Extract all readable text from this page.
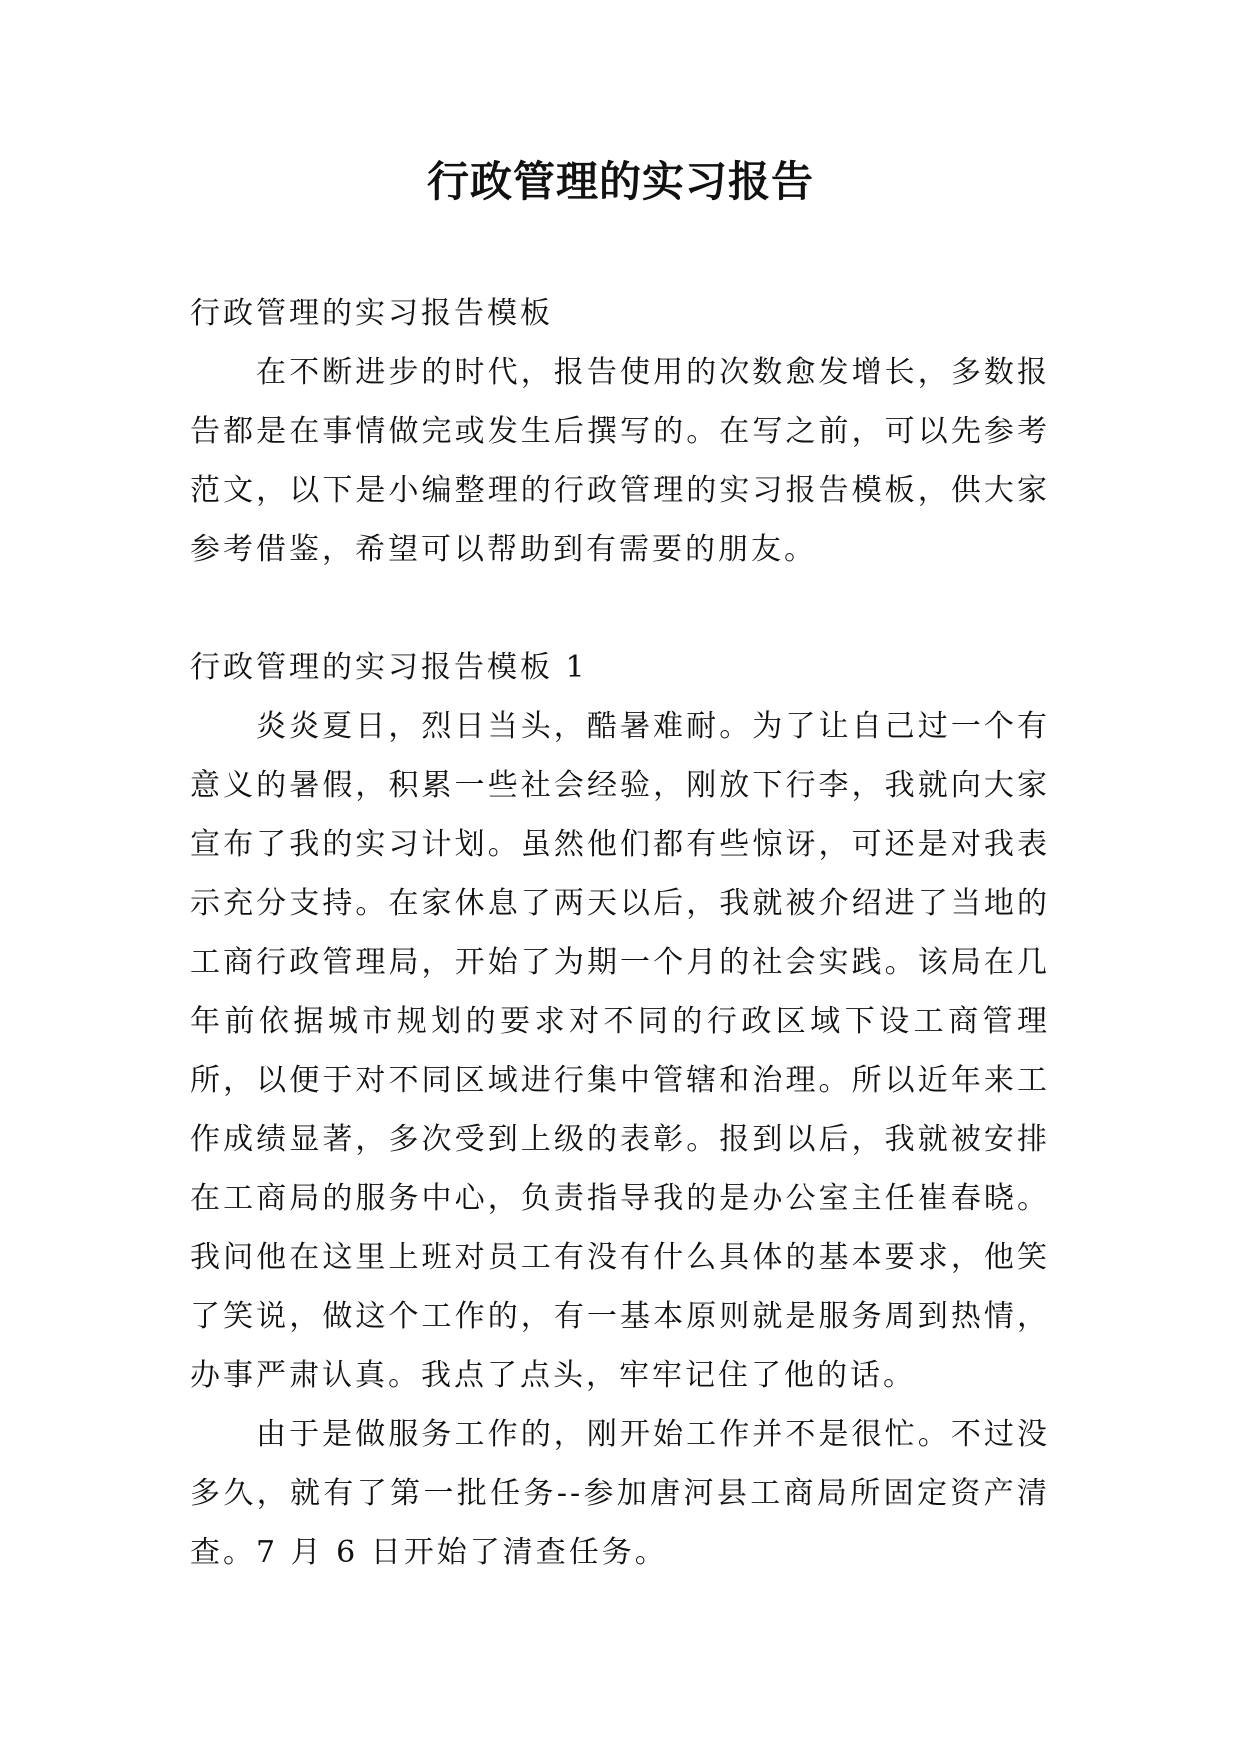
行政管理的实习报告

行政管理的实习报告模板

在不断进步的时代，报告使用的次数愈发增长，多数报告都是在事情做完或发生后撰写的。在写之前，可以先参考范文，以下是小编整理的行政管理的实习报告模板，供大家参考借鉴，希望可以帮助到有需要的朋友。

行政管理的实习报告模板 1

炎炎夏日，烈日当头，酷暑难耐。为了让自己过一个有意义的暑假，积累一些社会经验，刚放下行李，我就向大家宣布了我的实习计划。虽然他们都有些惊讶，可还是对我表示充分支持。在家休息了两天以后，我就被介绍进了当地的工商行政管理局，开始了为期一个月的社会实践。该局在几年前依据城市规划的要求对不同的行政区域下设工商管理所，以便于对不同区域进行集中管辖和治理。所以近年来工作成绩显著，多次受到上级的表彰。报到以后，我就被安排在工商局的服务中心，负责指导我的是办公室主任崔春晓。我问他在这里上班对员工有没有什么具体的基本要求，他笑了笑说，做这个工作的，有一基本原则就是服务周到热情，办事严肃认真。我点了点头，牢牢记住了他的话。

由于是做服务工作的，刚开始工作并不是很忙。不过没多久，就有了第一批任务--参加唐河县工商局所固定资产清查。7 月 6 日开始了清查任务。
